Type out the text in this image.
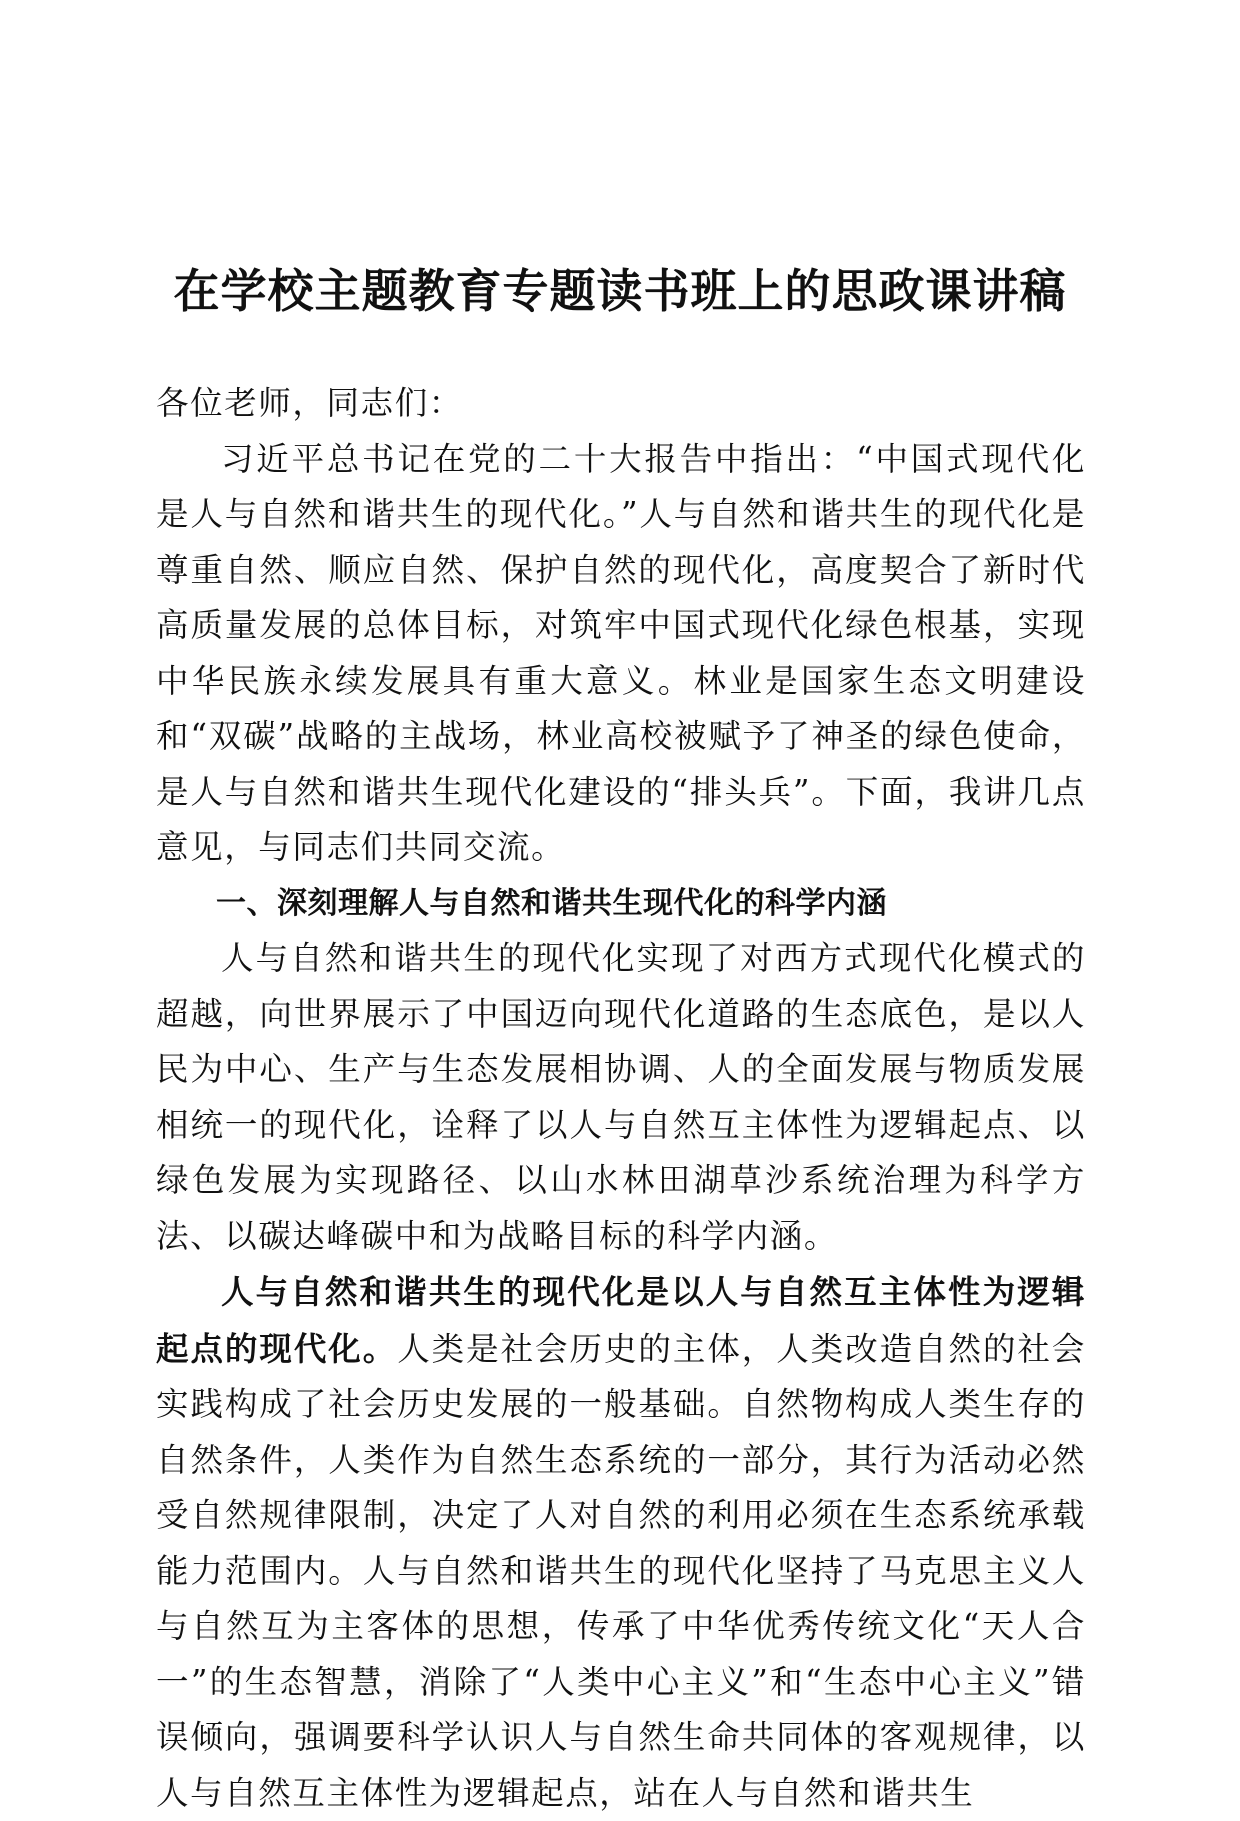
在学校主题教育专题读书班上的思政课讲稿

各位老师，同志们：

习近平总书记在党的二十大报告中指出：“中国式现代化是人与自然和谐共生的现代化。”人与自然和谐共生的现代化是尊重自然、顺应自然、保护自然的现代化，高度契合了新时代高质量发展的总体目标，对筑牢中国式现代化绿色根基，实现中华民族永续发展具有重大意义。林业是国家生态文明建设和“双碳”战略的主战场，林业高校被赋予了神圣的绿色使命，是人与自然和谐共生现代化建设的“排头兵”。下面，我讲几点意见，与同志们共同交流。

一、深刻理解人与自然和谐共生现代化的科学内涵

人与自然和谐共生的现代化实现了对西方式现代化模式的超越，向世界展示了中国迈向现代化道路的生态底色，是以人民为中心、生产与生态发展相协调、人的全面发展与物质发展相统一的现代化，诠释了以人与自然互主体性为逻辑起点、以绿色发展为实现路径、以山水林田湖草沙系统治理为科学方法、以碳达峰碳中和为战略目标的科学内涵。

人与自然和谐共生的现代化是以人与自然互主体性为逻辑起点的现代化。人类是社会历史的主体，人类改造自然的社会实践构成了社会历史发展的一般基础。自然物构成人类生存的自然条件，人类作为自然生态系统的一部分，其行为活动必然受自然规律限制，决定了人对自然的利用必须在生态系统承载能力范围内。人与自然和谐共生的现代化坚持了马克思主义人与自然互为主客体的思想，传承了中华优秀传统文化“天人合一”的生态智慧，消除了“人类中心主义”和“生态中心主义”错误倾向，强调要科学认识人与自然生命共同体的客观规律，以人与自然互主体性为逻辑起点，站在人与自然和谐共生
